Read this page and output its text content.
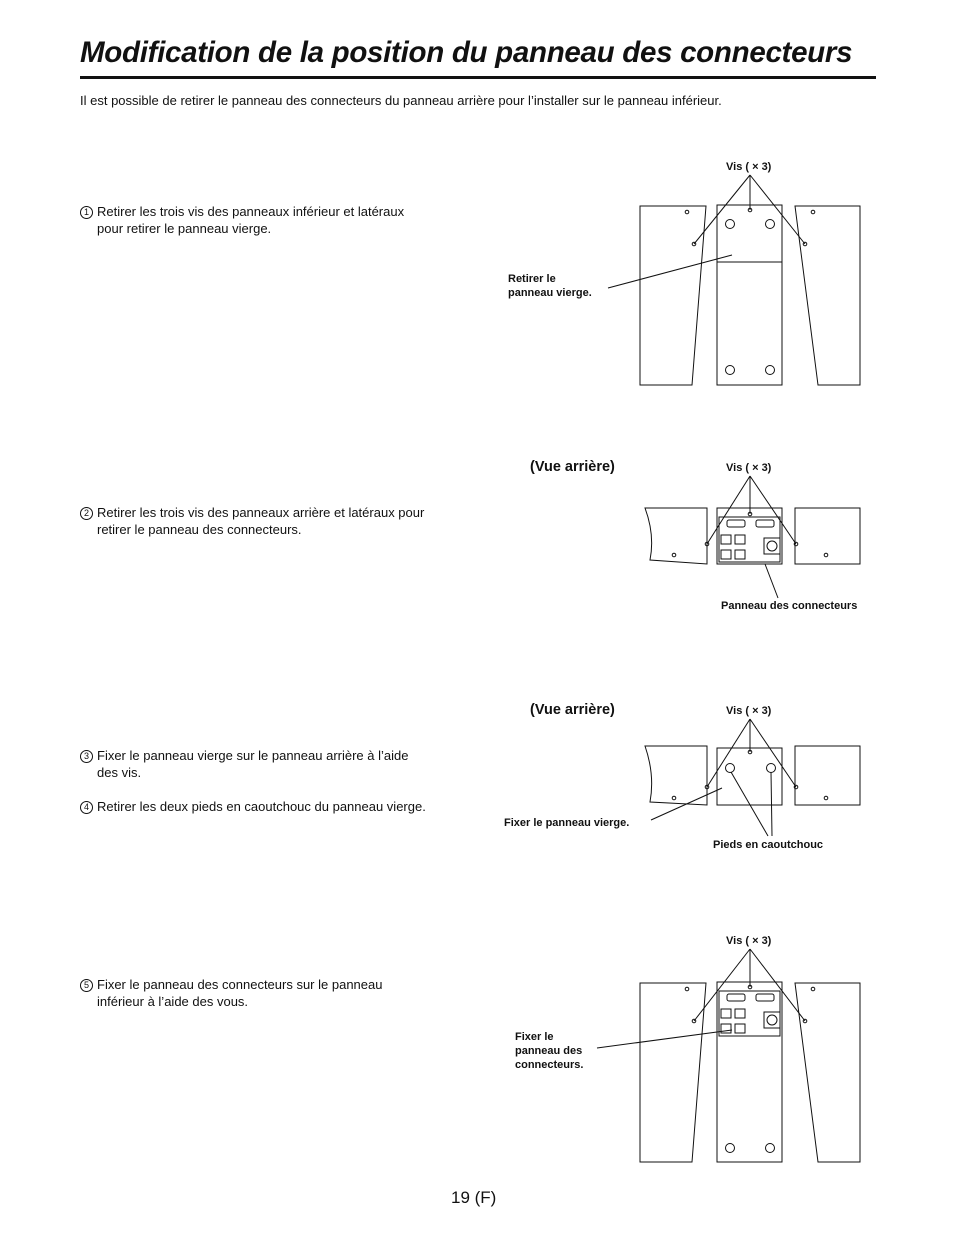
Modification de la position du panneau des connecteurs
Il est possible de retirer le panneau des connecteurs du panneau arrière pour l’installer sur le panneau inférieur.
1 Retirer les trois vis des panneaux inférieur et latéraux
pour retirer le panneau vierge.
2 Retirer les trois vis des panneaux arrière et latéraux pour
retirer le panneau des connecteurs.
3 Fixer le panneau vierge sur le panneau arrière à l’aide
des vis.
4 Retirer les deux pieds en caoutchouc du panneau vierge.
5 Fixer le panneau des connecteurs sur le panneau
inférieur à l’aide des vous.
Vis ( × 3)
Retirer le
panneau vierge.
(Vue arrière)	Vis ( × 3)
Panneau des connecteurs
(Vue arrière)	Vis ( × 3)
Fixer le panneau vierge.
Pieds en caoutchouc
Vis ( × 3)
Fixer le
panneau des
connecteurs.
19 (F)
